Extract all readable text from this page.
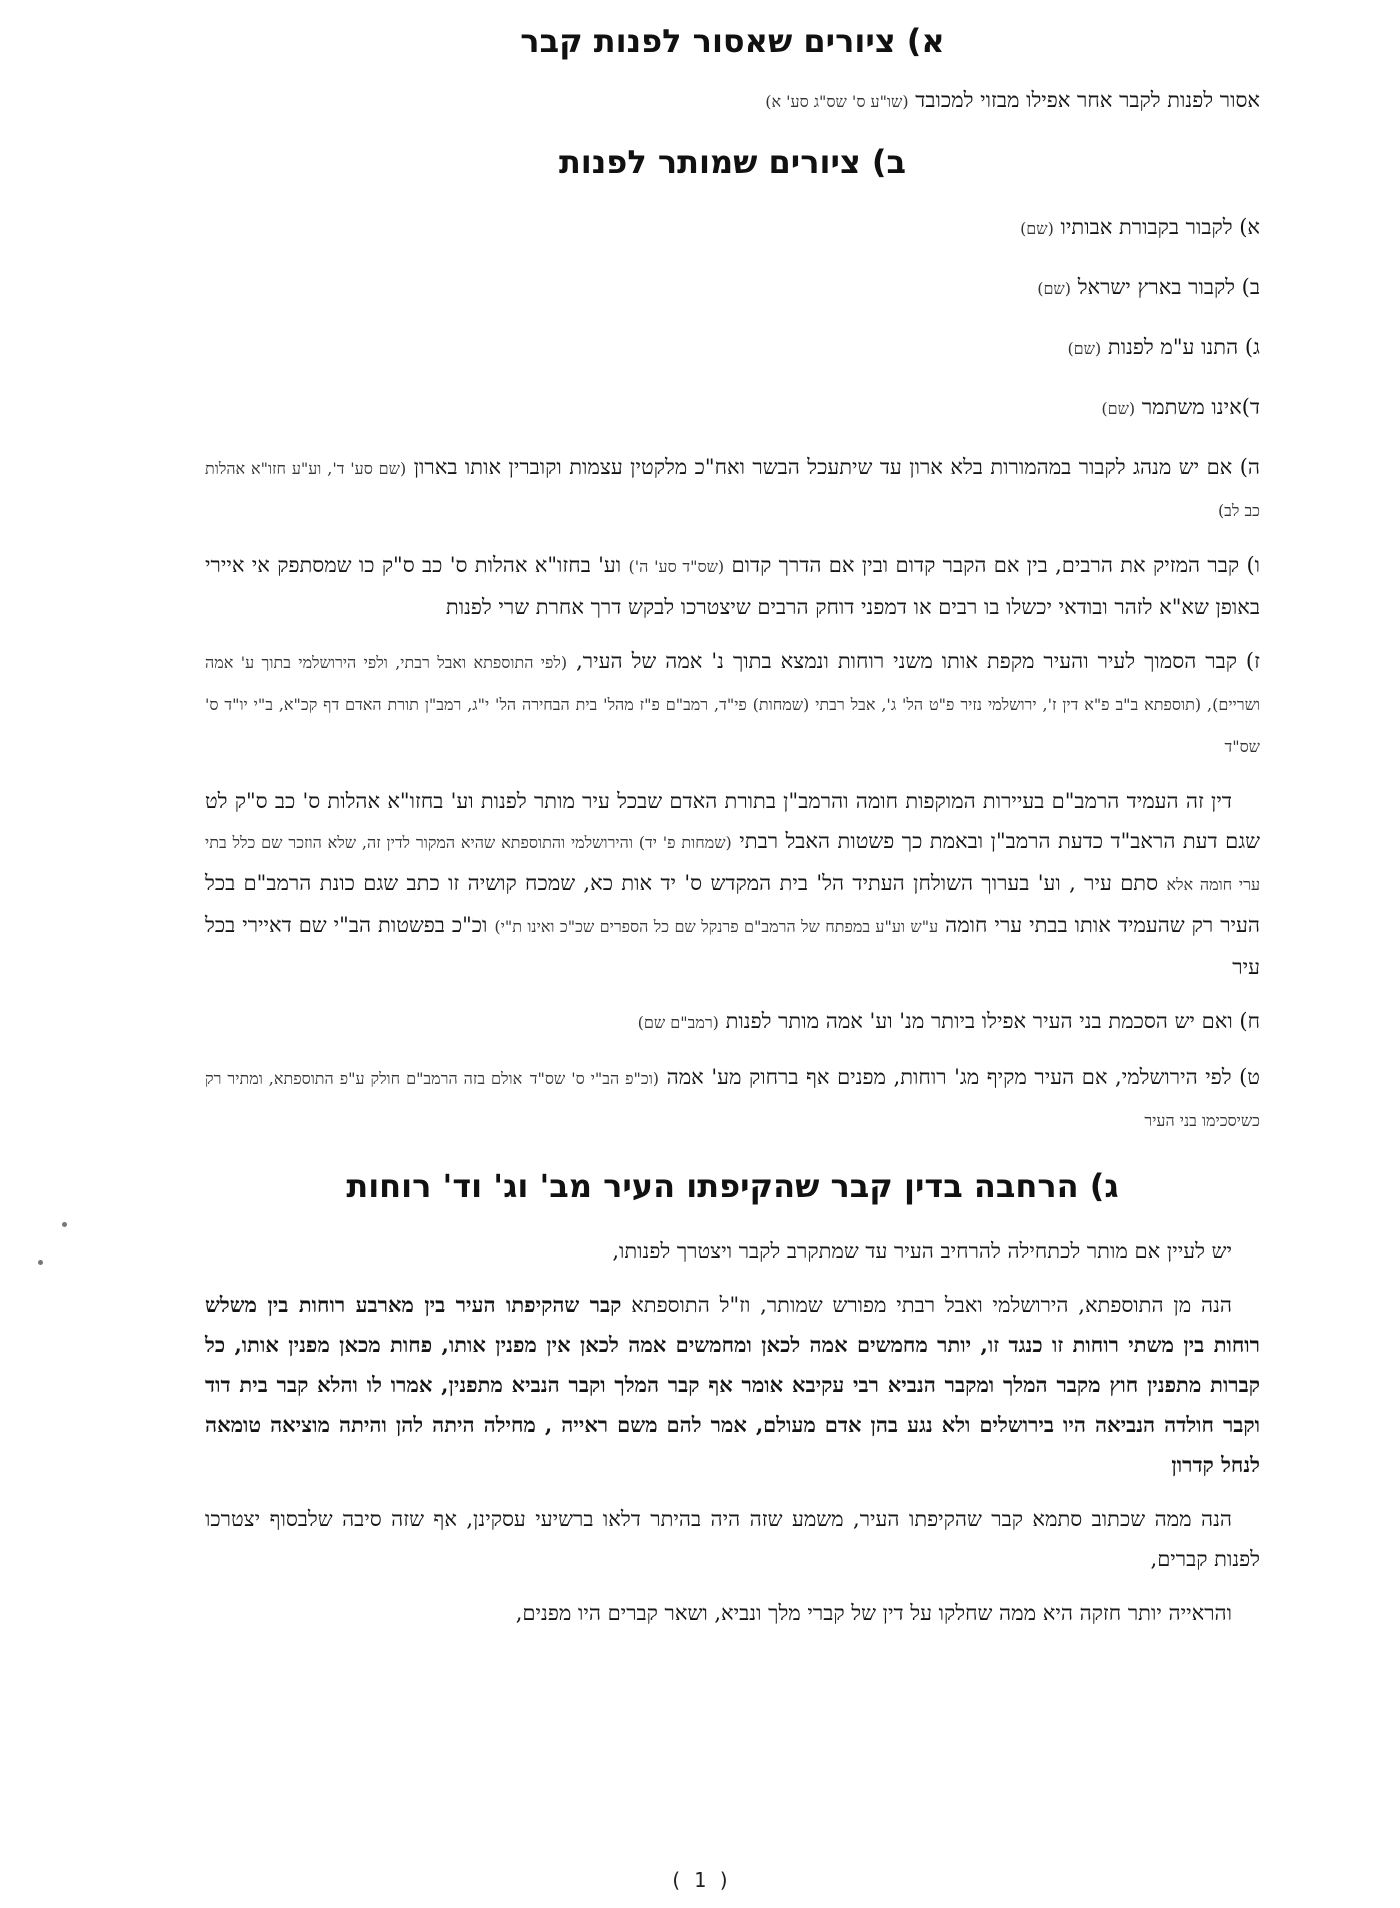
א) ציורים שאסור לפנות קבר

אסור לפנות לקבר אחר אפילו מבזוי למכובד (שו"ע ס' שס"ג סע' א)

ב) ציורים שמותר לפנות

א) לקבור בקבורת אבותיו (שם)

ב) לקבור בארץ ישראל (שם)

ג) התנו ע"מ לפנות (שם)

ד)אינו משתמר (שם)

ה) אם יש מנהג לקבור במהמורות בלא ארון עד שיתעכל הבשר ואח"כ מלקטין עצמות וקוברין אותו בארון (שם סע' ד', וע"ע חזו"א אהלות כב לב)

ו) קבר המזיק את הרבים, בין אם הקבר קדום ובין אם הדרך קדום (שס"ד סע' ה') וע' בחזו"א אהלות ס' כב ס"ק כו שמסתפק אי איירי באופן שא"א לזהר ובודאי יכשלו בו רבים או דמפני דוחק הרבים שיצטרכו לבקש דרך אחרת שרי לפנות

ז) קבר הסמוך לעיר והעיר מקפת אותו משני רוחות ונמצא בתוך נ' אמה של העיר, (לפי התוספתא ואבל רבתי, ולפי הירושלמי בתוך ע' אמה ושריים), (תוספתא ב"ב פ"א דין ז', ירושלמי נזיר פ"ט הל' ג', אבל רבתי (שמחות) פי"ד, רמב"ם פ"ז מהל' בית הבחירה הל' י"ג, רמב"ן תורת האדם דף קכ"א, ב"י יו"ד ס' שס"ד

דין זה העמיד הרמב"ם בעיירות המוקפות חומה והרמב"ן בתורת האדם שבכל עיר מותר לפנות וע' בחזו"א אהלות ס' כב ס"ק לט שגם דעת הראב"ד כדעת הרמב"ן ובאמת כך פשטות האבל רבתי (שמחות פ' יד) והירושלמי והתוספתא שהיא המקור לדין זה, שלא הוזכר שם כלל בתי ערי חומה אלא סתם עיר , וע' בערוך השולחן העתיד הל' בית המקדש ס' יד אות כא, שמכח קושיה זו כתב שגם כונת הרמב"ם בכל העיר רק שהעמיד אותו בבתי ערי חומה ע"ש וע"ע במפתח של הרמב"ם פרנקל שם כל הספרים שכ"כ ואינו ת"י) וכ"כ בפשטות הב"י שם דאיירי בכל עיר

ח) ואם יש הסכמת בני העיר אפילו ביותר מנ' וע' אמה מותר לפנות (רמב"ם שם)

ט) לפי הירושלמי, אם העיר מקיף מג' רוחות, מפנים אף ברחוק מע' אמה (וכ"פ הב"י ס' שס"ד אולם בזה הרמב"ם חולק ע"פ התוספתא, ומתיר רק כשיסכימו בני העיר

ג) הרחבה בדין קבר שהקיפתו העיר מב' וג' וד' רוחות

יש לעיין אם מותר לכתחילה להרחיב העיר עד שמתקרב לקבר ויצטרך לפנותו,

הנה מן התוספתא, הירושלמי ואבל רבתי מפורש שמותר, וז"ל התוספתא קבר שהקיפתו העיר בין מארבע רוחות בין משלש רוחות בין משתי רוחות זו כנגד זו, יותר מחמשים אמה לכאן ומחמשים אמה לכאן אין מפנין אותו, פחות מכאן מפנין אותו, כל קברות מתפנין חוץ מקבר המלך ומקבר הנביא רבי עקיבא אומר אף קבר המלך וקבר הנביא מתפנין, אמרו לו והלא קבר בית דוד וקבר חולדה הנביאה היו בירושלים ולא נגע בהן אדם מעולם, אמר להם משם ראייה , מחילה היתה להן והיתה מוציאה טומאה לנחל קדרון

הנה ממה שכתוב סתמא קבר שהקיפתו העיר, משמע שזה היה בהיתר דלאו ברשיעי עסקינן, אף שזה סיבה שלבסוף יצטרכו לפנות קברים,

והראייה יותר חזקה היא ממה שחלקו על דין של קברי מלך ונביא, ושאר קברים היו מפנים,

( 1 )
